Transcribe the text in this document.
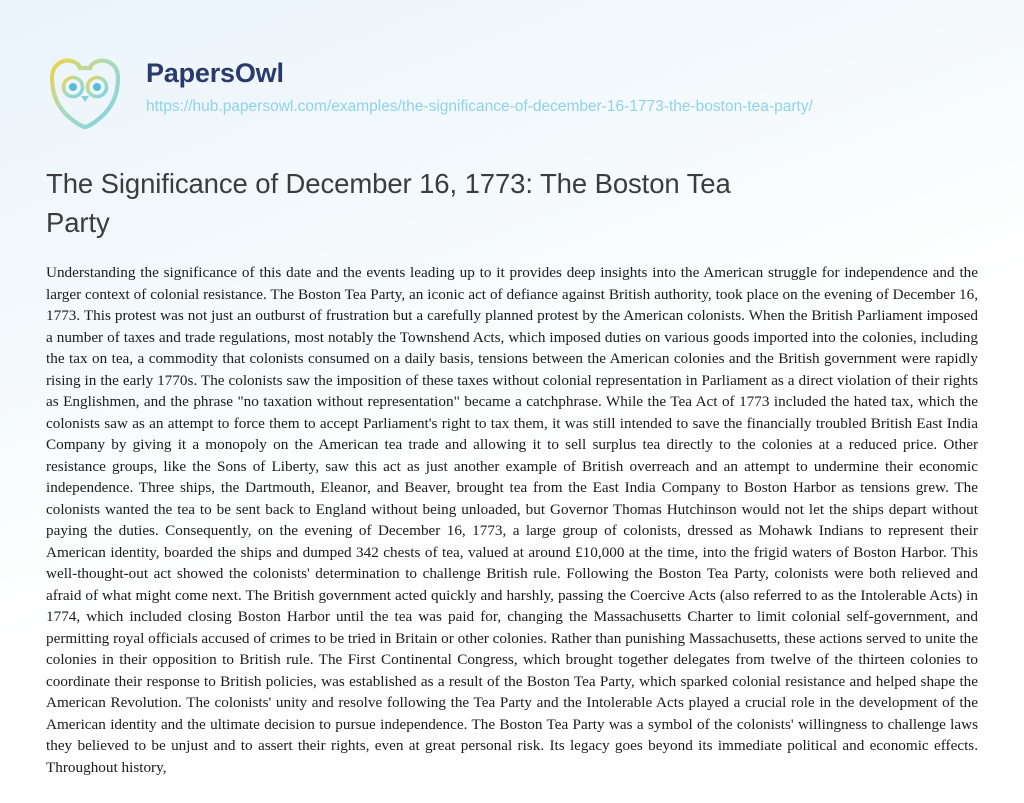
PapersOwl
https://hub.papersowl.com/examples/the-significance-of-december-16-1773-the-boston-tea-party/
The Significance of December 16, 1773: The Boston Tea Party
Understanding the significance of this date and the events leading up to it provides deep insights into the American struggle for independence and the larger context of colonial resistance. The Boston Tea Party, an iconic act of defiance against British authority, took place on the evening of December 16, 1773. This protest was not just an outburst of frustration but a carefully planned protest by the American colonists. When the British Parliament imposed a number of taxes and trade regulations, most notably the Townshend Acts, which imposed duties on various goods imported into the colonies, including the tax on tea, a commodity that colonists consumed on a daily basis, tensions between the American colonies and the British government were rapidly rising in the early 1770s. The colonists saw the imposition of these taxes without colonial representation in Parliament as a direct violation of their rights as Englishmen, and the phrase "no taxation without representation" became a catchphrase. While the Tea Act of 1773 included the hated tax, which the colonists saw as an attempt to force them to accept Parliament's right to tax them, it was still intended to save the financially troubled British East India Company by giving it a monopoly on the American tea trade and allowing it to sell surplus tea directly to the colonies at a reduced price. Other resistance groups, like the Sons of Liberty, saw this act as just another example of British overreach and an attempt to undermine their economic independence. Three ships, the Dartmouth, Eleanor, and Beaver, brought tea from the East India Company to Boston Harbor as tensions grew. The colonists wanted the tea to be sent back to England without being unloaded, but Governor Thomas Hutchinson would not let the ships depart without paying the duties. Consequently, on the evening of December 16, 1773, a large group of colonists, dressed as Mohawk Indians to represent their American identity, boarded the ships and dumped 342 chests of tea, valued at around £10,000 at the time, into the frigid waters of Boston Harbor. This well-thought-out act showed the colonists' determination to challenge British rule. Following the Boston Tea Party, colonists were both relieved and afraid of what might come next. The British government acted quickly and harshly, passing the Coercive Acts (also referred to as the Intolerable Acts) in 1774, which included closing Boston Harbor until the tea was paid for, changing the Massachusetts Charter to limit colonial self-government, and permitting royal officials accused of crimes to be tried in Britain or other colonies. Rather than punishing Massachusetts, these actions served to unite the colonies in their opposition to British rule. The First Continental Congress, which brought together delegates from twelve of the thirteen colonies to coordinate their response to British policies, was established as a result of the Boston Tea Party, which sparked colonial resistance and helped shape the American Revolution. The colonists' unity and resolve following the Tea Party and the Intolerable Acts played a crucial role in the development of the American identity and the ultimate decision to pursue independence. The Boston Tea Party was a symbol of the colonists' willingness to challenge laws they believed to be unjust and to assert their rights, even at great personal risk. Its legacy goes beyond its immediate political and economic effects. Throughout history,
